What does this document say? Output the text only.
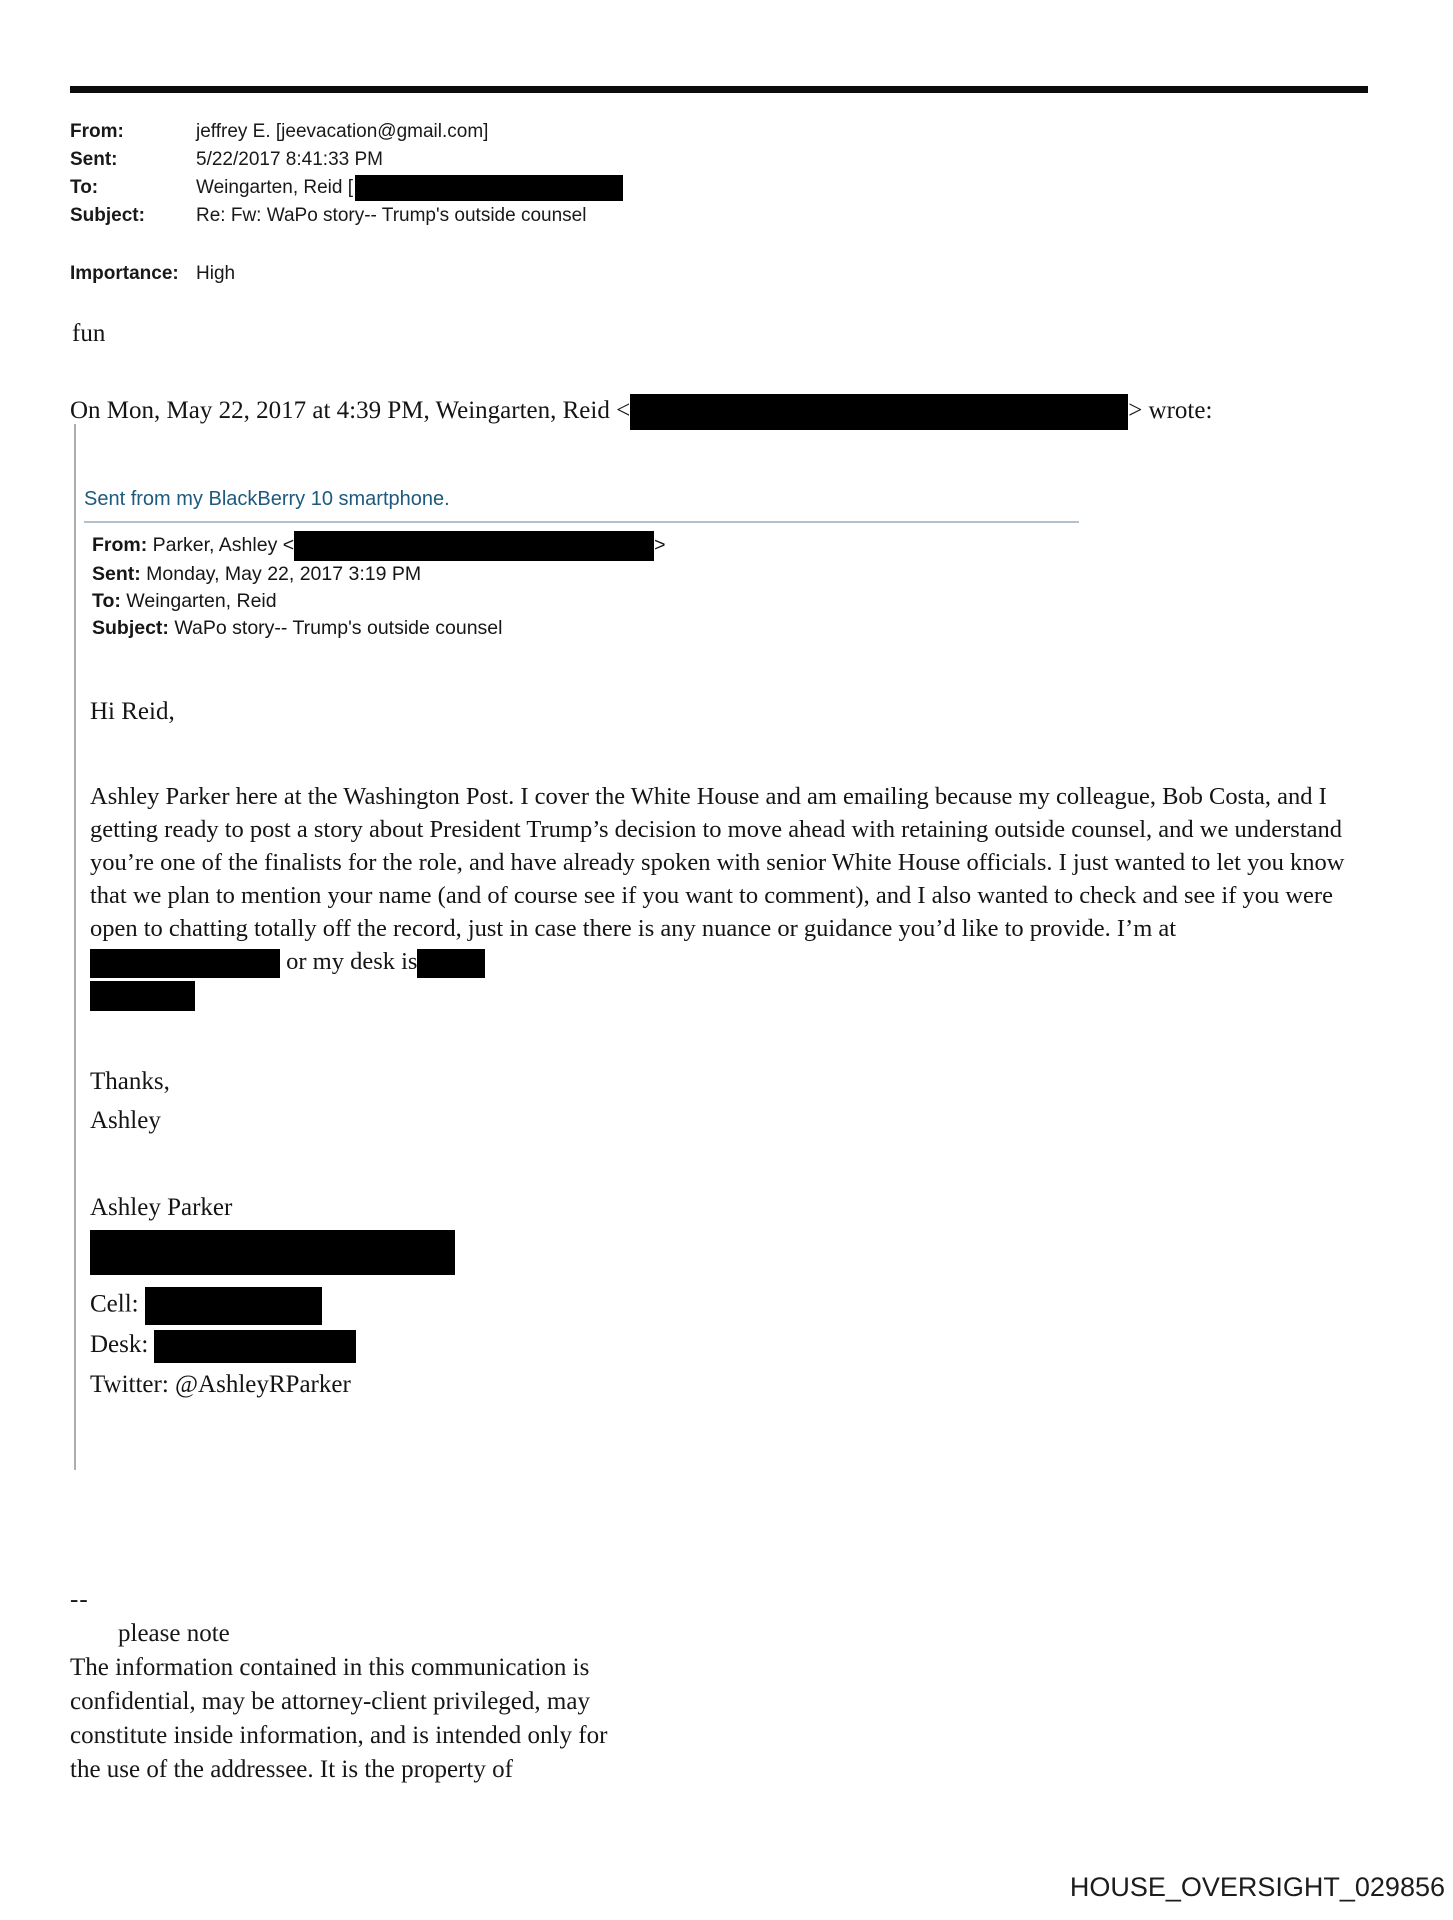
From:	jeffrey E. [jeevacation@gmail.com]
Sent:	5/22/2017 8:41:33 PM
To:	Weingarten, Reid [
Subject:	Re: Fw: WaPo story-- Trump's outside counsel
Importance: High
fun
On Mon, May 22, 2017 at 4:39 PM, Weingarten, Reid <	> wrote:
Sent from my BlackBerry 10 smartphone.
From: Parker, Ashley <	>
Sent: Monday, May 22, 2017 3:19 PM
To: Weingarten, Reid
Subject: WaPo story-- Trump's outside counsel
Hi Reid,
Ashley Parker here at the Washington Post. I cover the White House and am emailing because my colleague, Bob Costa, and I getting ready to post a story about President Trump’s decision to move ahead with retaining outside counsel, and we understand you’re one of the finalists for the role, and have already spoken with senior White House officials. I just wanted to let you know that we plan to mention your name (and of course see if you want to comment), and I also wanted to check and see if you were open to chatting totally off the record, just in case there is any nuance or guidance you’d like to provide. I’m at or my desk is
Thanks,
Ashley
Ashley Parker
Cell:
Desk:
Twitter: @AshleyRParker
--
please note
The information contained in this communication is
confidential, may be attorney-client privileged, may
constitute inside information, and is intended only for
the use of the addressee. It is the property of
HOUSE_OVERSIGHT_029856
